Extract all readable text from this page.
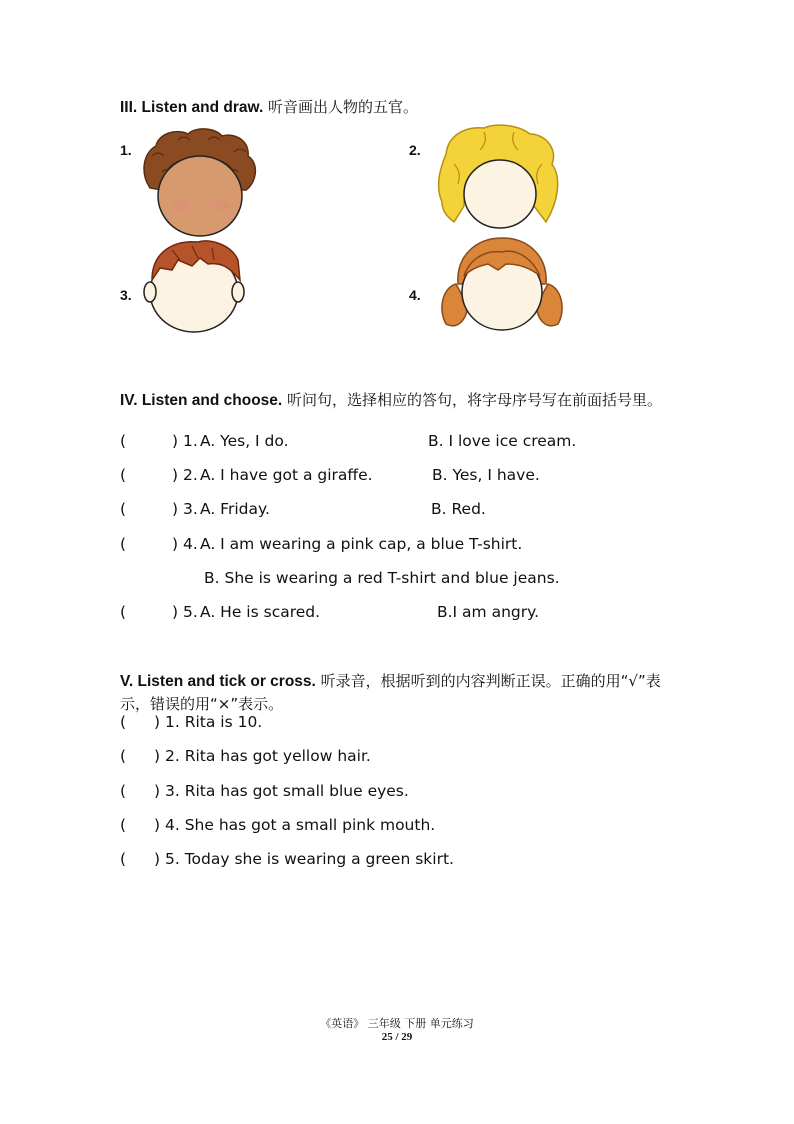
III. Listen and draw. 听音画出人物的五官。
1.	2.
3.	4.
IV. Listen and choose. 听问句，选择相应的答句，将字母序号写在前面括号里。

(

	) 1.

A. Yes, I do.

	B. I love ice cream.

(

	) 2.

A. I have got a giraffe.

	B. Yes, I have.

(

	) 3.

A. Friday.

	B. Red.

(

	) 4.

A. I am wearing a pink cap, a blue T-shirt.

B. She is wearing a red T-shirt and blue jeans.

(

	) 5.

A. He is scared.

	B.I am angry.

V. Listen and tick or cross. 听录音，根据听到的内容判断正误。正确的用“√”表示，错误的用“×”表示。

(

) 1. Rita is 10.

(

) 2. Rita has got yellow hair.

(

) 3. Rita has got small blue eyes.

(

) 4. She has got a small pink mouth.

(

) 5. Today she is wearing a green skirt.

《英语》 三年级 下册 单元练习
25 / 29
